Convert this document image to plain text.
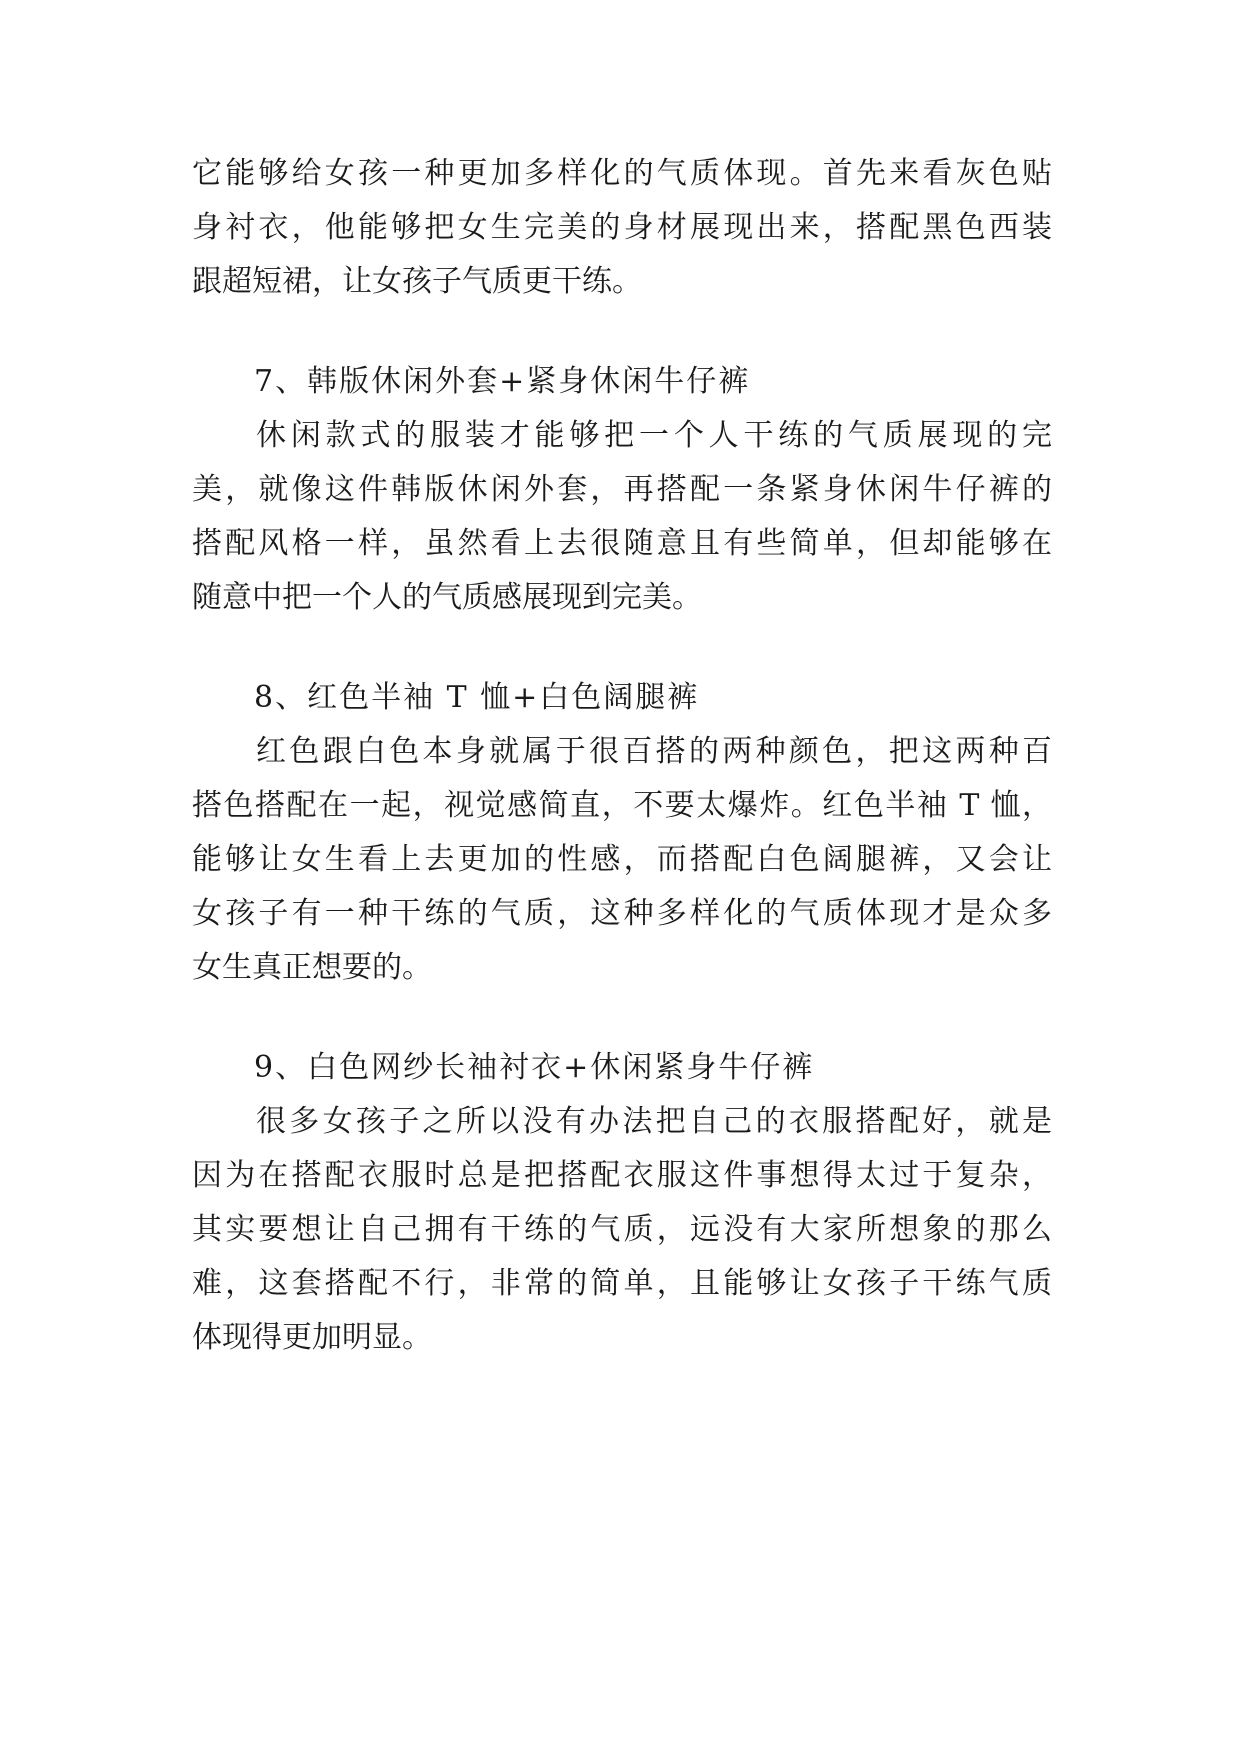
它能够给女孩一种更加多样化的气质体现。首先来看灰色贴
身衬衣，他能够把女生完美的身材展现出来，搭配黑色西装
跟超短裙，让女孩子气质更干练。
7、韩版休闲外套+紧身休闲牛仔裤
休闲款式的服装才能够把一个人干练的气质展现的完
美，就像这件韩版休闲外套，再搭配一条紧身休闲牛仔裤的
搭配风格一样，虽然看上去很随意且有些简单，但却能够在
随意中把一个人的气质感展现到完美。
8、红色半袖 T 恤+白色阔腿裤
红色跟白色本身就属于很百搭的两种颜色，把这两种百
搭色搭配在一起，视觉感简直，不要太爆炸。红色半袖 T 恤，
能够让女生看上去更加的性感，而搭配白色阔腿裤，又会让
女孩子有一种干练的气质，这种多样化的气质体现才是众多
女生真正想要的。
9、白色网纱长袖衬衣+休闲紧身牛仔裤
很多女孩子之所以没有办法把自己的衣服搭配好，就是
因为在搭配衣服时总是把搭配衣服这件事想得太过于复杂，
其实要想让自己拥有干练的气质，远没有大家所想象的那么
难，这套搭配不行，非常的简单，且能够让女孩子干练气质
体现得更加明显。
